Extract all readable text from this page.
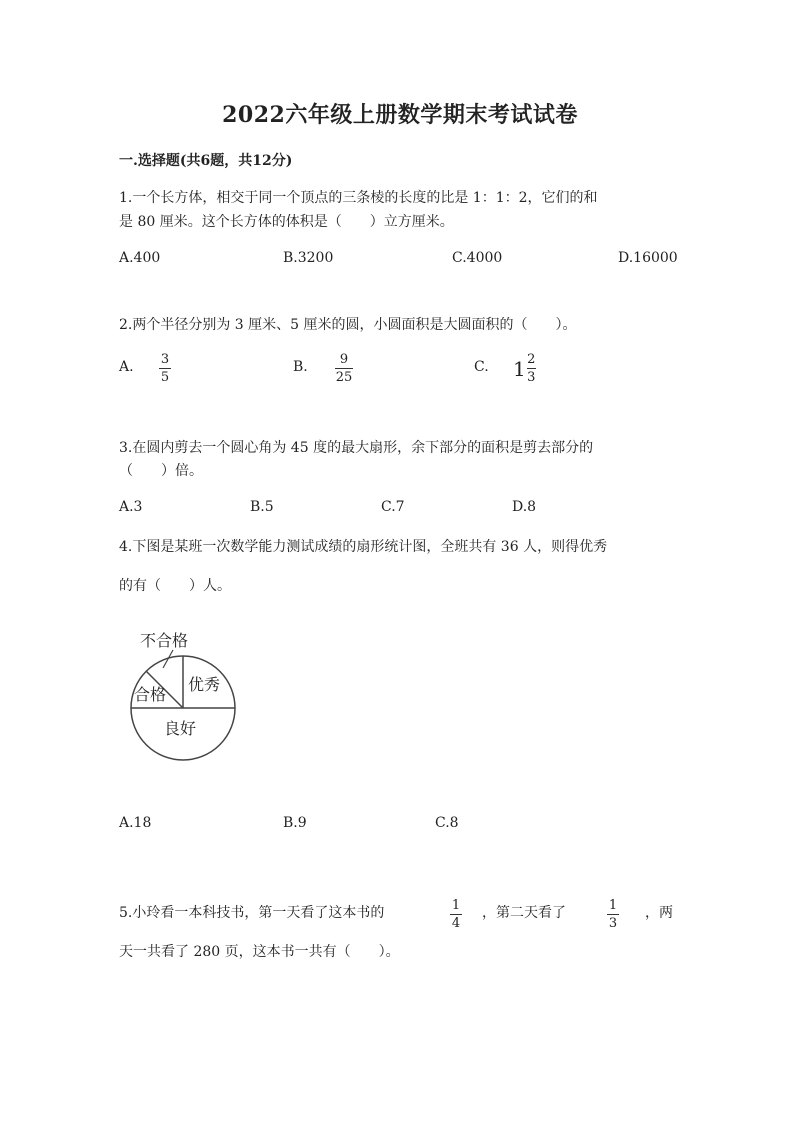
2022六年级上册数学期末考试试卷
一.选择题(共6题，共12分)
1.一个长方体，相交于同一个顶点的三条棱的长度的比是 1：1：2，它们的和
是 80 厘米。这个长方体的体积是（　　）立方厘米。
A.400	B.3200	C.4000	D.16000
2.两个半径分别为 3 厘米、5 厘米的圆，小圆面积是大圆面积的（　　）。
A. 3
5
B. 9
25
C. 1 2
3
3.在圆内剪去一个圆心角为 45 度的最大扇形，余下部分的面积是剪去部分的
（　　）倍。
A.3	B.5	C.7	D.8
4.下图是某班一次数学能力测试成绩的扇形统计图，全班共有 36 人，则得优秀
的有（　　）人。
不合格
合格
优秀
良好
A.18	B.9	C.8
5.小玲看一本科技书，第一天看了这本书的	1
4
，第二天看了	1
3
，两
天一共看了 280 页，这本书一共有（　　）。
